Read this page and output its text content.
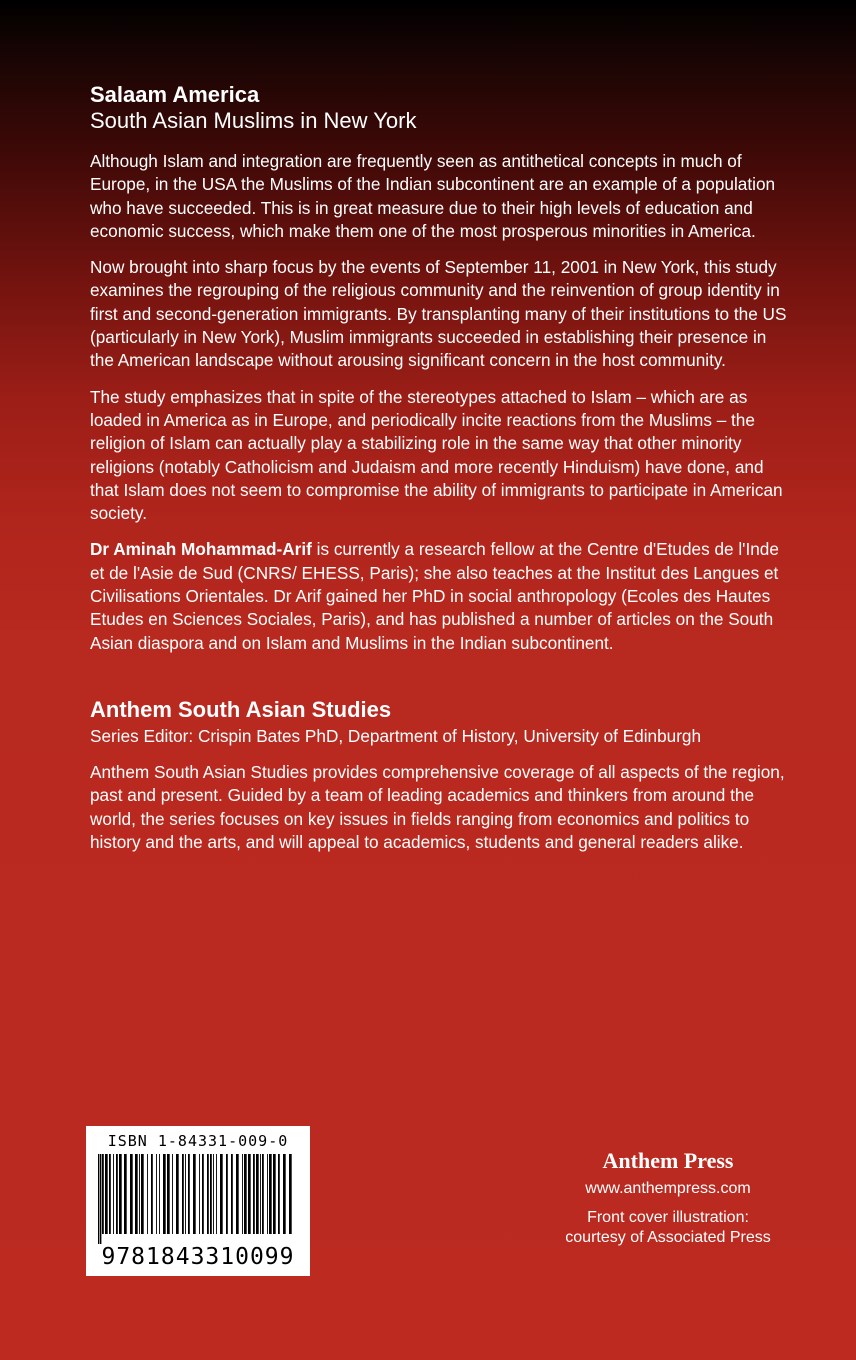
Salaam America
South Asian Muslims in New York

Although Islam and integration are frequently seen as antithetical concepts in much of Europe, in the USA the Muslims of the Indian subcontinent are an example of a population who have succeeded. This is in great measure due to their high levels of education and economic success, which make them one of the most prosperous minorities in America.

Now brought into sharp focus by the events of September 11, 2001 in New York, this study examines the regrouping of the religious community and the reinvention of group identity in first and second-generation immigrants. By transplanting many of their institutions to the US (particularly in New York), Muslim immigrants succeeded in establishing their presence in the American landscape without arousing significant concern in the host community.

The study emphasizes that in spite of the stereotypes attached to Islam – which are as loaded in America as in Europe, and periodically incite reactions from the Muslims – the religion of Islam can actually play a stabilizing role in the same way that other minority religions (notably Catholicism and Judaism and more recently Hinduism) have done, and that Islam does not seem to compromise the ability of immigrants to participate in American society.

Dr Aminah Mohammad-Arif is currently a research fellow at the Centre d'Etudes de l'Inde et de l'Asie de Sud (CNRS/ EHESS, Paris); she also teaches at the Institut des Langues et Civilisations Orientales. Dr Arif gained her PhD in social anthropology (Ecoles des Hautes Etudes en Sciences Sociales, Paris), and has published a number of articles on the South Asian diaspora and on Islam and Muslims in the Indian subcontinent.

Anthem South Asian Studies
Series Editor: Crispin Bates PhD, Department of History, University of Edinburgh

Anthem South Asian Studies provides comprehensive coverage of all aspects of the region, past and present. Guided by a team of leading academics and thinkers from around the world, the series focuses on key issues in fields ranging from economics and politics to history and the arts, and will appeal to academics, students and general readers alike.

ISBN 1-84331-009-0
9781843310099
Anthem Press
www.anthempress.com
Front cover illustration:
courtesy of Associated Press
